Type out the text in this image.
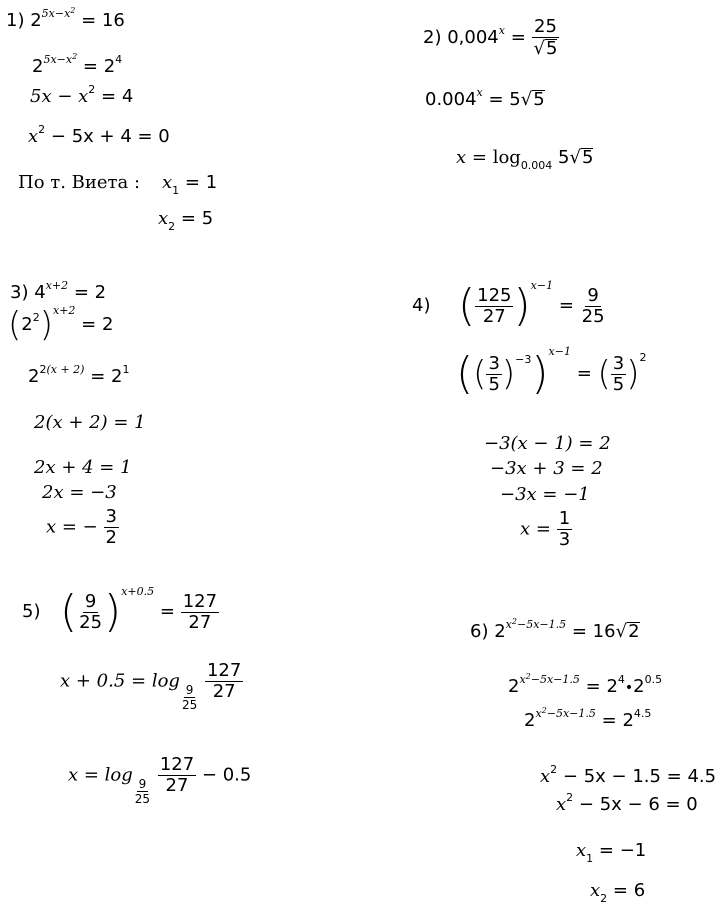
1) $2^{5x-x^2} = 16$
$2^{5x-x^2} = 2^4$
$5x - x^2 = 4$
$x^2 - 5x + 4 = 0$
По т. Виета : $x_1 = 1$
$x_2 = 5$
2) $0,004^x = \frac{25}{√5}$
$0.004^x = 5√5$
$x = \log_{0.004} 5√5$
3) $4^{x+2} = 2$
$(2^2)^{x+2} = 2$
$2^{2(x + 2)} = 2^1$
2(x + 2) = 1
2x + 4 = 1
2x = −3
x = − $\frac{3}{2}$
4) ( $\frac{125}{27} )^{x-1} = \frac{9}{25}$
(( $\frac{3}{5} )^{-3})^{x-1}$ = ( $\frac{3}{5} )^2$
−3(x − 1) = 2
−3x + 3 = 2
−3x = −1
$x = \frac{1}{3}$
5) ( $\frac{9}{25} )^{x+0.5} = \frac{127}{27}$
x + 0.5 = log
$\frac{9}{25}$
$\frac{127}{27}$
x = log
$\frac{9}{25}$
$\frac{127}{27} - 0.5$
6) $2^{x^2-5x-1.5} = 16√2$
$2^{x^2-5x-1.5}$ = $2^4•2^{0.5}$
$2^{x^2-5x-1.5} = 2^{4.5}$
$x^2 - 5x - 1.5 = 4.5$
$x^2 - 5x - 6 = 0$
$x_1 = -1$
$x_2 = 6$
